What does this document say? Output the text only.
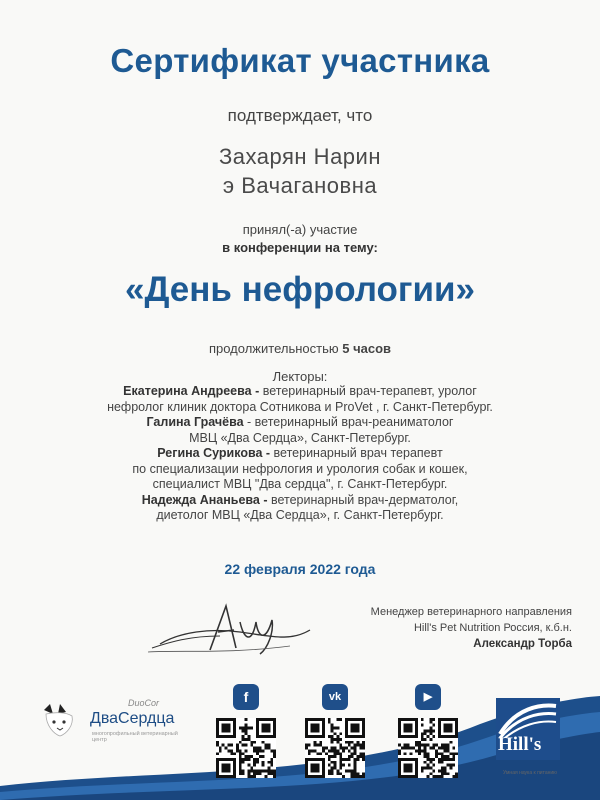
Сертификат участника
подтверждает, что
Захарян Нарин
э Вачагановна
принял(-а) участие
в конференции на тему:
«День нефрологии»
продолжительностью 5 часов
Лекторы:
Екатерина Андреева - ветеринарный врач-терапевт, уролог
нефролог клиник доктора Сотникова и ProVet , г. Санкт-Петербург.
Галина Грачёва - ветеринарный врач-реаниматолог
МВЦ «Два Сердца», Санкт-Петербург.
Регина Сурикова - ветеринарный врач терапевт
по специализации нефрология и урология собак и кошек,
специалист МВЦ "Два сердца", г. Санкт-Петербург.
Надежда Ананьева - ветеринарный врач-дерматолог,
диетолог МВЦ «Два Сердца», г. Санкт-Петербург.
22 февраля 2022 года
Менеджер ветеринарного направления
Hill's Pet Nutrition Россия, к.б.н.
Александр Торба
DuoCor
ДваСердца
многопрофильный ветеринарный центр
f	vk	▶
Hill's
Умная наука к питанию
